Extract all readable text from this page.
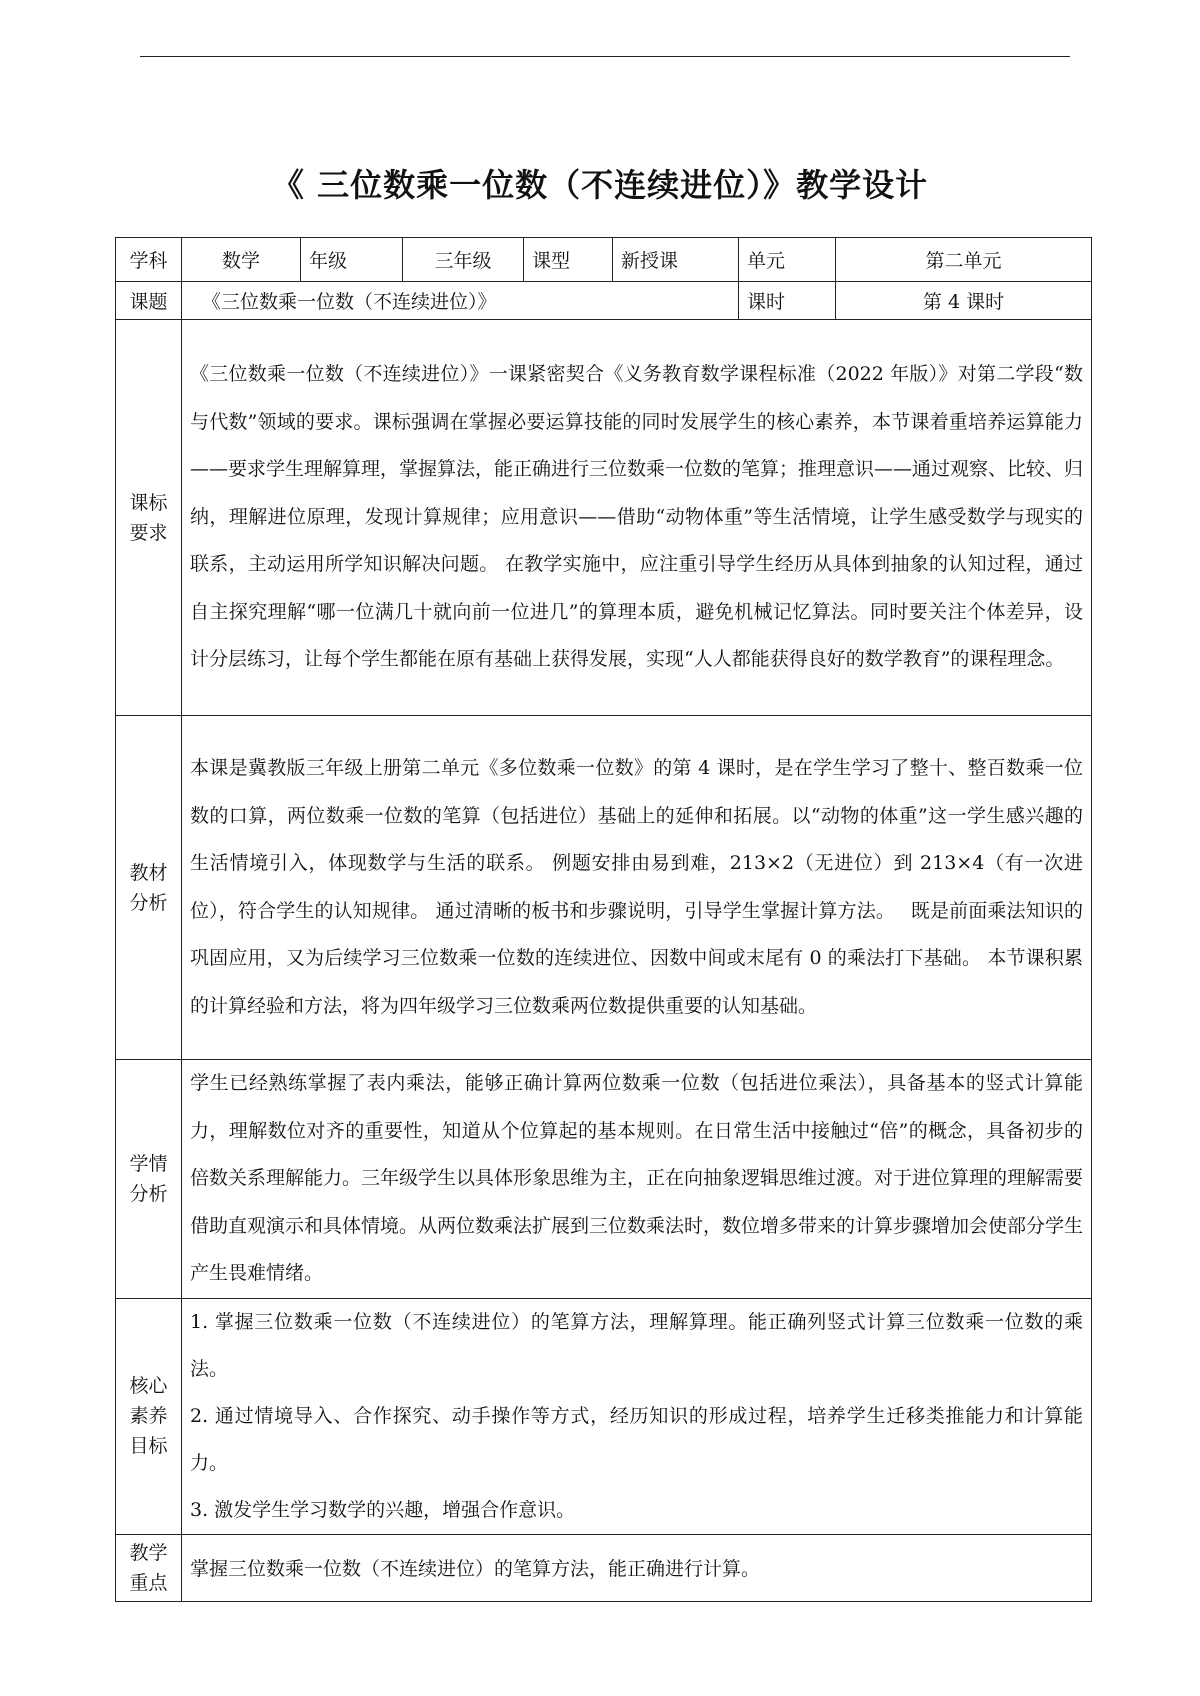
《 三位数乘一位数（不连续进位）》教学设计
学科	数学	年级	三年级	课型	新授课	单元	第二单元
课题	《三位数乘一位数（不连续进位）》					课时	第 4 课时
课标要求	《三位数乘一位数（不连续进位）》一课紧密契合《义务教育数学课程标准（2022 年版）》对第二学段“数与代数”领域的要求。课标强调在掌握必要运算技能的同时发展学生的核心素养，本节课着重培养运算能力——要求学生理解算理，掌握算法，能正确进行三位数乘一位数的笔算；推理意识——通过观察、比较、归纳，理解进位原理，发现计算规律；应用意识——借助“动物体重”等生活情境，让学生感受数学与现实的联系，主动运用所学知识解决问题。 在教学实施中，应注重引导学生经历从具体到抽象的认知过程，通过自主探究理解“哪一位满几十就向前一位进几”的算理本质，避免机械记忆算法。同时要关注个体差异，设计分层练习，让每个学生都能在原有基础上获得发展，实现“人人都能获得良好的数学教育”的课程理念。						
教材分析	本课是冀教版三年级上册第二单元《多位数乘一位数》的第 4 课时，是在学生学习了整十、整百数乘一位数的口算，两位数乘一位数的笔算（包括进位）基础上的延伸和拓展。以“动物的体重”这一学生感兴趣的生活情境引入，体现数学与生活的联系。 例题安排由易到难，213×2（无进位）到 213×4（有一次进位），符合学生的认知规律。 通过清晰的板书和步骤说明，引导学生掌握计算方法。　 既是前面乘法知识的巩固应用，又为后续学习三位数乘一位数的连续进位、因数中间或末尾有 0 的乘法打下基础。 本节课积累的计算经验和方法，将为四年级学习三位数乘两位数提供重要的认知基础。						
学情分析	学生已经熟练掌握了表内乘法，能够正确计算两位数乘一位数（包括进位乘法），具备基本的竖式计算能力，理解数位对齐的重要性，知道从个位算起的基本规则。在日常生活中接触过“倍”的概念，具备初步的倍数关系理解能力。三年级学生以具体形象思维为主，正在向抽象逻辑思维过渡。对于进位算理的理解需要借助直观演示和具体情境。从两位数乘法扩展到三位数乘法时，数位增多带来的计算步骤增加会使部分学生产生畏难情绪。						
核心素养目标	1. 掌握三位数乘一位数（不连续进位）的笔算方法，理解算理。能正确列竖式计算三位数乘一位数的乘法。

2. 通过情境导入、合作探究、动手操作等方式，经历知识的形成过程，培养学生迁移类推能力和计算能力。

3. 激发学生学习数学的兴趣，增强合作意识。						

教学重点	掌握三位数乘一位数（不连续进位）的笔算方法，能正确进行计算。						
